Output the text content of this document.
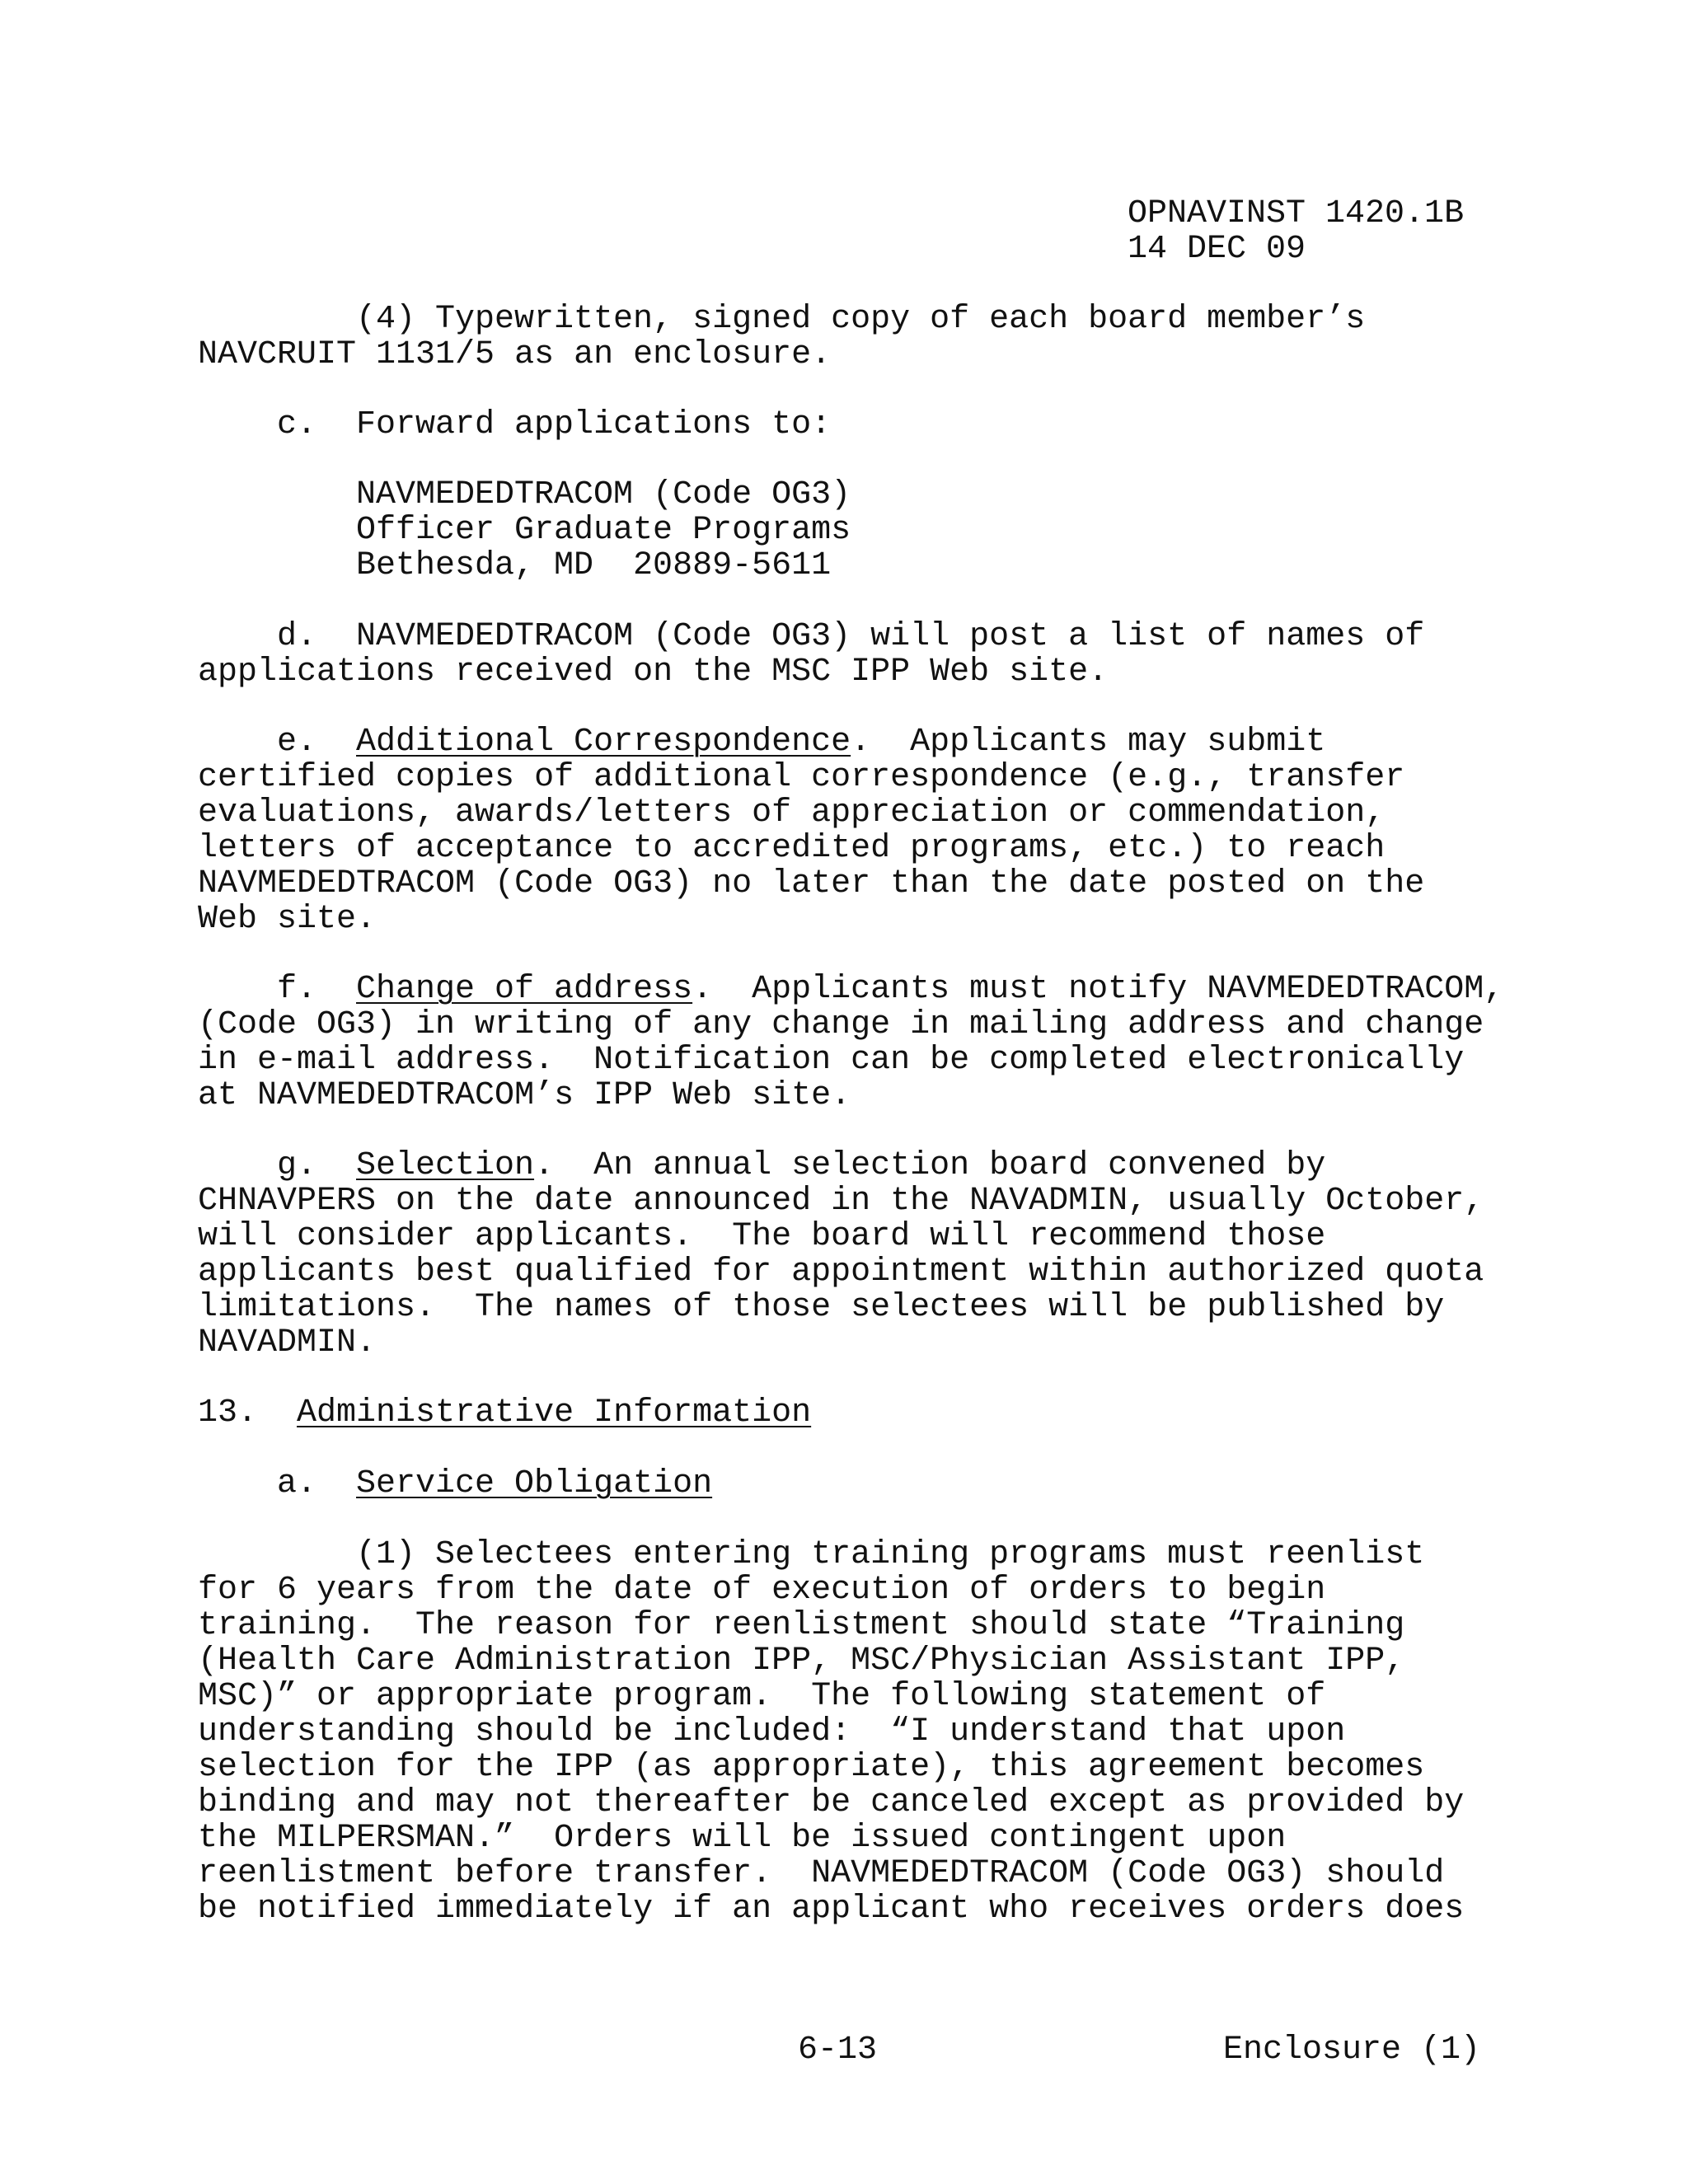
OPNAVINST 1420.1B
14 DEC 09
(4) Typewritten, signed copy of each board member’s
NAVCRUIT 1131/5 as an enclosure.
c.  Forward applications to:
NAVMEDEDTRACOM (Code OG3)
Officer Graduate Programs
Bethesda, MD  20889-5611
d.  NAVMEDEDTRACOM (Code OG3) will post a list of names of
applications received on the MSC IPP Web site.
e.  Additional Correspondence.  Applicants may submit
certified copies of additional correspondence (e.g., transfer
evaluations, awards/letters of appreciation or commendation,
letters of acceptance to accredited programs, etc.) to reach
NAVMEDEDTRACOM (Code OG3) no later than the date posted on the
Web site.
f.  Change of address.  Applicants must notify NAVMEDEDTRACOM,
(Code OG3) in writing of any change in mailing address and change
in e-mail address.  Notification can be completed electronically
at NAVMEDEDTRACOM’s IPP Web site.
g.  Selection.  An annual selection board convened by
CHNAVPERS on the date announced in the NAVADMIN, usually October,
will consider applicants.  The board will recommend those
applicants best qualified for appointment within authorized quota
limitations.  The names of those selectees will be published by
NAVADMIN.
13.  Administrative Information
a.  Service Obligation
(1) Selectees entering training programs must reenlist
for 6 years from the date of execution of orders to begin
training.  The reason for reenlistment should state “Training
(Health Care Administration IPP, MSC/Physician Assistant IPP,
MSC)” or appropriate program.  The following statement of
understanding should be included:  “I understand that upon
selection for the IPP (as appropriate), this agreement becomes
binding and may not thereafter be canceled except as provided by
the MILPERSMAN.”  Orders will be issued contingent upon
reenlistment before transfer.  NAVMEDEDTRACOM (Code OG3) should
be notified immediately if an applicant who receives orders does
6-13	Enclosure (1)
